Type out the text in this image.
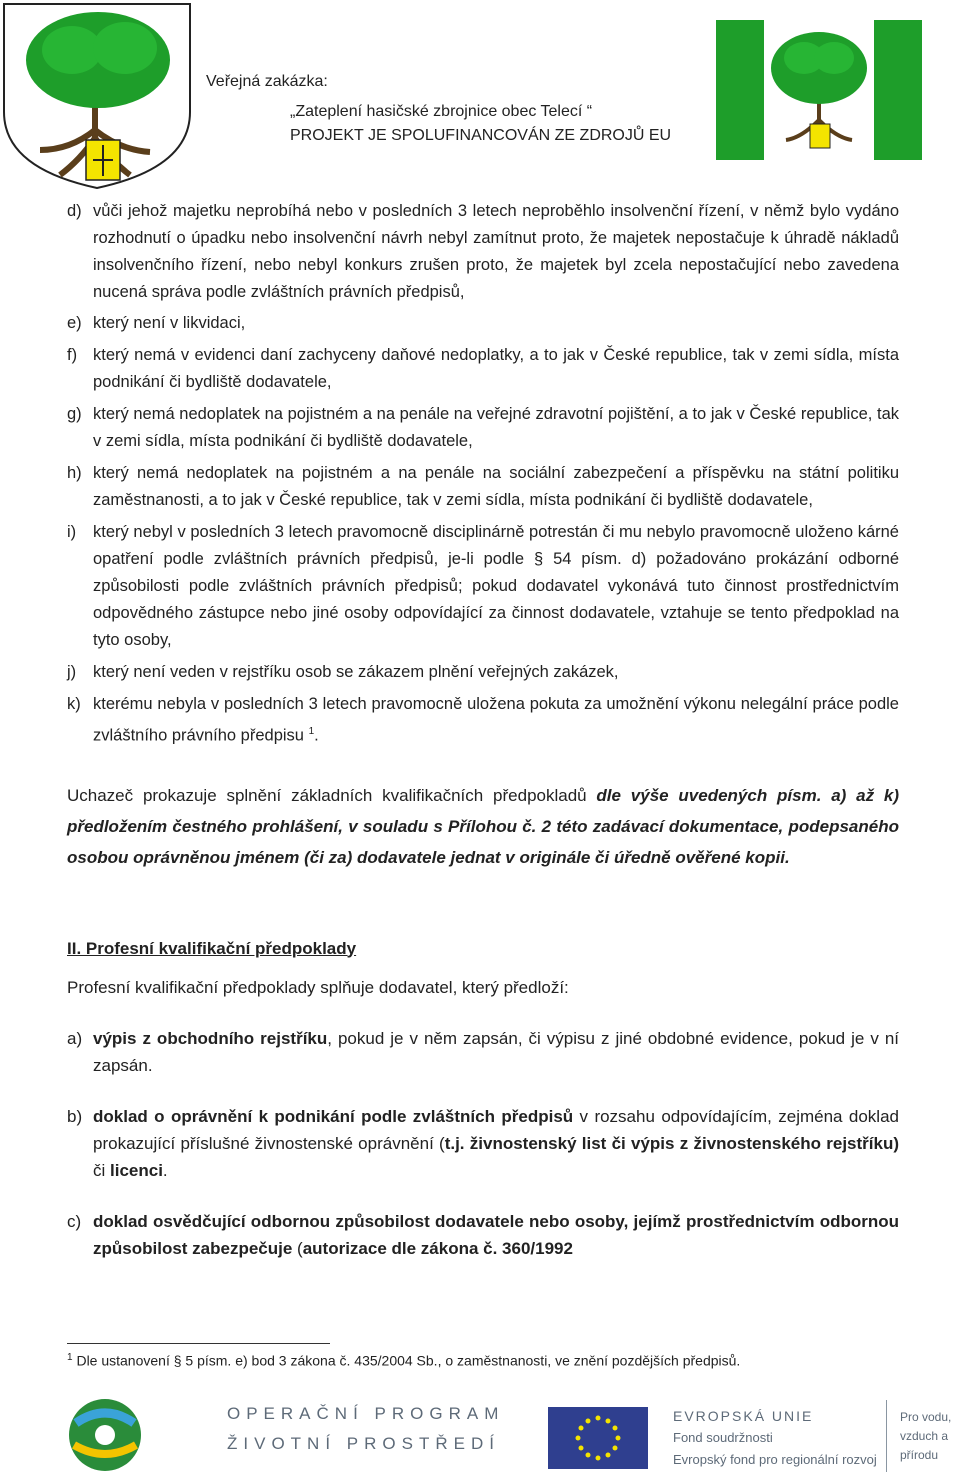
Veřejná zakázka:
„Zateplení hasičské zbrojnice obec Telecí “
PROJEKT JE SPOLUFINANCOVÁN ZE ZDROJŮ EU
d) vůči jehož majetku neprobíhá nebo v posledních 3 letech neproběhlo insolvenční řízení, v němž bylo vydáno rozhodnutí o úpadku nebo insolvenční návrh nebyl zamítnut proto, že majetek nepostačuje k úhradě nákladů insolvenčního řízení, nebo nebyl konkurs zrušen proto, že majetek byl zcela nepostačující nebo zavedena nucená správa podle zvláštních právních předpisů,
e) který není v likvidaci,
f) který nemá v evidenci daní zachyceny daňové nedoplatky, a to jak v České republice, tak v zemi sídla, místa podnikání či bydliště dodavatele,
g) který nemá nedoplatek na pojistném a na penále na veřejné zdravotní pojištění, a to jak v České republice, tak v zemi sídla, místa podnikání či bydliště dodavatele,
h) který nemá nedoplatek na pojistném a na penále na sociální zabezpečení a příspěvku na státní politiku zaměstnanosti, a to jak v České republice, tak v zemi sídla, místa podnikání či bydliště dodavatele,
i) který nebyl v posledních 3 letech pravomocně disciplinárně potrestán či mu nebylo pravomocně uloženo kárné opatření podle zvláštních právních předpisů, je-li podle § 54 písm. d) požadováno prokázání odborné způsobilosti podle zvláštních právních předpisů; pokud dodavatel vykonává tuto činnost prostřednictvím odpovědného zástupce nebo jiné osoby odpovídající za činnost dodavatele, vztahuje se tento předpoklad na tyto osoby,
j) který není veden v rejstříku osob se zákazem plnění veřejných zakázek,
k) kterému nebyla v posledních 3 letech pravomocně uložena pokuta za umožnění výkonu nelegální práce podle zvláštního právního předpisu $^1$.
Uchazeč prokazuje splnění základních kvalifikačních předpokladů dle výše uvedených písm. a) až k) předložením čestného prohlášení, v souladu s Přílohou č. 2 této zadávací dokumentace, podepsaného osobou oprávněnou jménem (či za) dodavatele jednat v originále či úředně ověřené kopii.
II. Profesní kvalifikační předpoklady
Profesní kvalifikační předpoklady splňuje dodavatel, který předloží:
a) výpis z obchodního rejstříku, pokud je v něm zapsán, či výpisu z jiné obdobné evidence, pokud je v ní zapsán.
b) doklad o oprávnění k podnikání podle zvláštních předpisů v rozsahu odpovídajícím, zejména doklad prokazující příslušné živnostenské oprávnění (t.j. živnostenský list či výpis z živnostenského rejstříku) či licenci.
c) doklad osvědčující odbornou způsobilost dodavatele nebo osoby, jejímž prostřednictvím odbornou způsobilost zabezpečuje (autorizace dle zákona č. 360/1992
$^1$ Dle ustanovení § 5 písm. e) bod 3 zákona č. 435/2004 Sb., o zaměstnanosti, ve znění pozdějších předpisů.
OPERAČNÍ PROGRAM
ŽIVOTNÍ PROSTŘEDÍ
EVROPSKÁ UNIE
Fond soudržnosti
Evropský fond pro regionální rozvoj
Pro vodu, vzduch a přírodu
